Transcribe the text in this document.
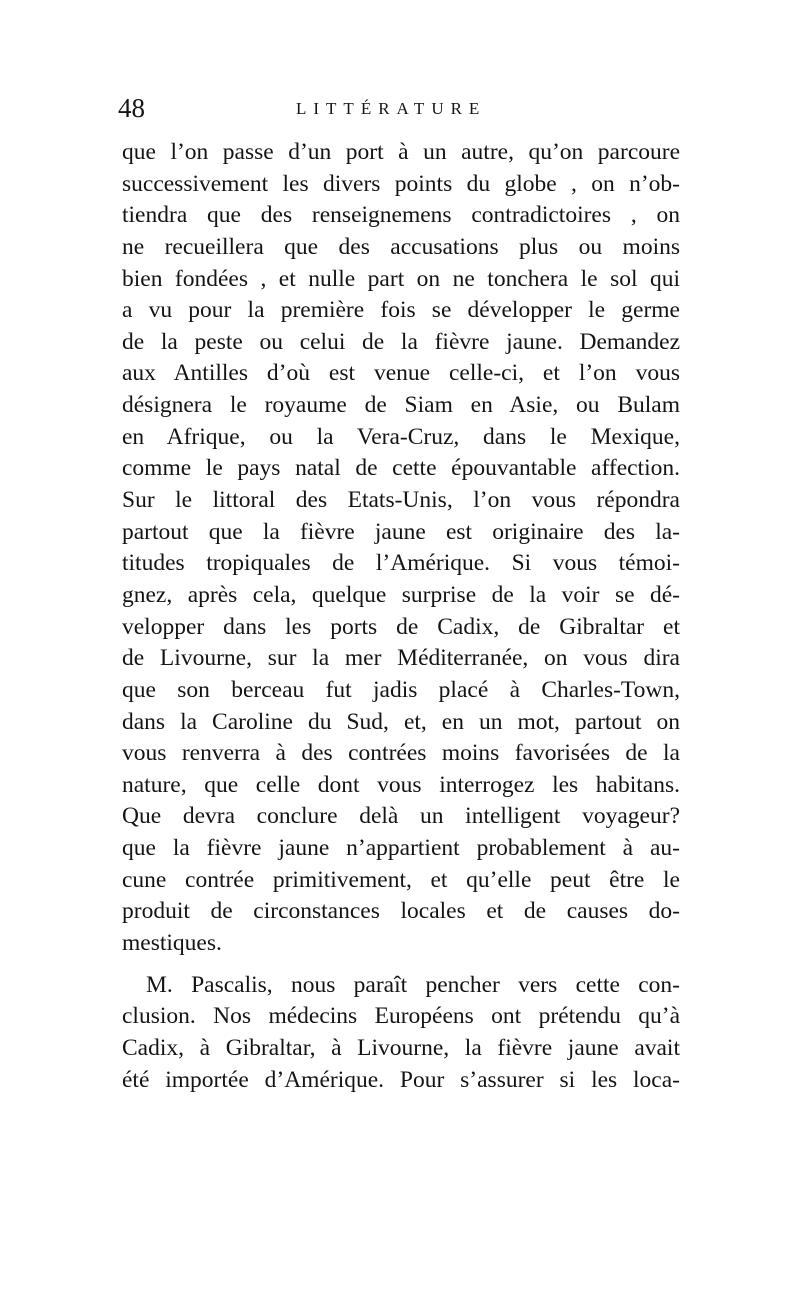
48	LITTÉRATURE
que l’on passe d’un port à un autre, qu’on parcoure
successivement les divers points du globe , on n’ob-
tiendra que des renseignemens contradictoires , on
ne recueillera que des accusations plus ou moins
bien fondées , et nulle part on ne tonchera le sol qui
a vu pour la première fois se développer le germe
de la peste ou celui de la fièvre jaune. Demandez
aux Antilles d’où est venue celle-ci, et l’on vous
désignera le royaume de Siam en Asie, ou Bulam
en Afrique, ou la Vera-Cruz, dans le Mexique,
comme le pays natal de cette épouvantable affection.
Sur le littoral des Etats-Unis, l’on vous répondra
partout que la fièvre jaune est originaire des la-
titudes tropiquales de l’Amérique. Si vous témoi-
gnez, après cela, quelque surprise de la voir se dé-
velopper dans les ports de Cadix, de Gibraltar et
de Livourne, sur la mer Méditerranée, on vous dira
que son berceau fut jadis placé à Charles-Town,
dans la Caroline du Sud, et, en un mot, partout on
vous renverra à des contrées moins favorisées de la
nature, que celle dont vous interrogez les habitans.
Que devra conclure delà un intelligent voyageur?
que la fièvre jaune n’appartient probablement à au-
cune contrée primitivement, et qu’elle peut être le
produit de circonstances locales et de causes do-
mestiques.
M. Pascalis, nous paraît pencher vers cette con-
clusion. Nos médecins Européens ont prétendu qu’à
Cadix, à Gibraltar, à Livourne, la fièvre jaune avait
été importée d’Amérique. Pour s’assurer si les loca-
